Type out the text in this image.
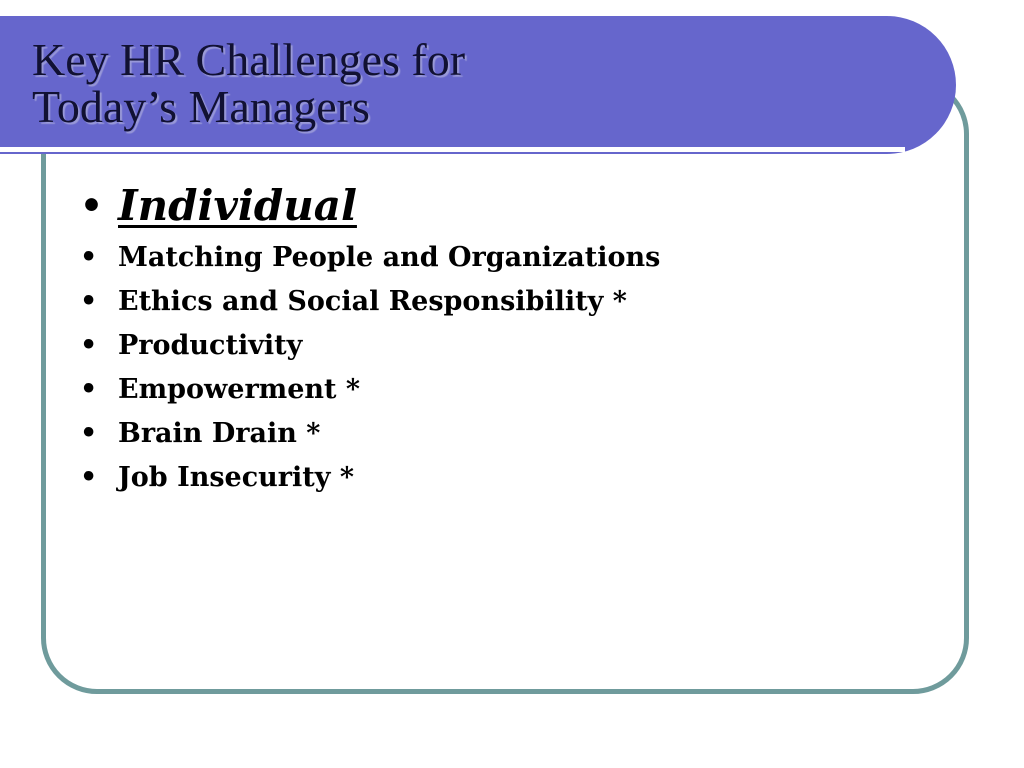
Key HR Challenges for
Today’s Managers
• Individual
• Matching People and Organizations
• Ethics and Social Responsibility *
• Productivity
• Empowerment *
• Brain Drain *
• Job Insecurity *
